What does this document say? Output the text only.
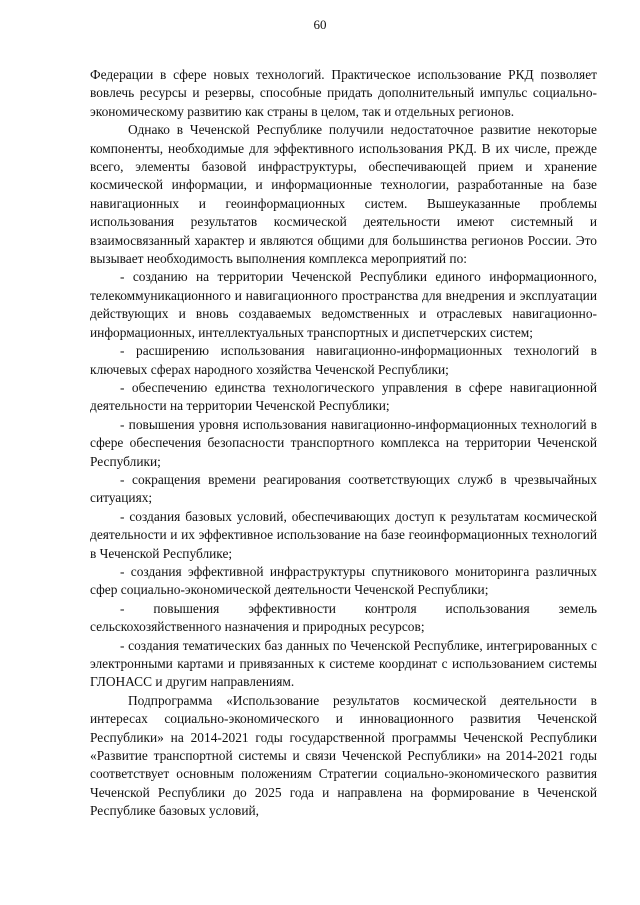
60

Федерации в сфере новых технологий. Практическое использование РКД позволяет вовлечь ресурсы и резервы, способные придать дополнительный импульс социально-экономическому развитию как страны в целом, так и отдельных регионов.

Однако в Чеченской Республике получили недостаточное развитие некоторые компоненты, необходимые для эффективного использования РКД. В их числе, прежде всего, элементы базовой инфраструктуры, обеспечивающей прием и хранение космической информации, и информационные технологии, разработанные на базе навигационных и геоинформационных систем. Вышеуказанные проблемы использования результатов космической деятельности имеют системный и взаимосвязанный характер и являются общими для большинства регионов России. Это вызывает необходимость выполнения комплекса мероприятий по:

- созданию на территории Чеченской Республики единого информационного, телекоммуникационного и навигационного пространства для внедрения и эксплуатации действующих и вновь создаваемых ведомственных и отраслевых навигационно-информационных, интеллектуальных транспортных и диспетчерских систем;
- расширению использования навигационно-информационных технологий в ключевых сферах народного хозяйства Чеченской Республики;
- обеспечению единства технологического управления в сфере навигационной деятельности на территории Чеченской Республики;
- повышения уровня использования навигационно-информационных технологий в сфере обеспечения безопасности транспортного комплекса на территории Чеченской Республики;
- сокращения времени реагирования соответствующих служб в чрезвычайных ситуациях;
- создания базовых условий, обеспечивающих доступ к результатам космической деятельности и их эффективное использование на базе геоинформационных технологий в Чеченской Республике;
- создания эффективной инфраструктуры спутникового мониторинга различных сфер социально-экономической деятельности Чеченской Республики;
- повышения эффективности контроля использования земель сельскохозяйственного назначения и природных ресурсов;
- создания тематических баз данных по Чеченской Республике, интегрированных с электронными картами и привязанных к системе координат с использованием системы ГЛОНАСС и другим направлениям.

Подпрограмма «Использование результатов космической деятельности в интересах социально-экономического и инновационного развития Чеченской Республики» на 2014-2021 годы государственной программы Чеченской Республики «Развитие транспортной системы и связи Чеченской Республики» на 2014-2021 годы соответствует основным положениям Стратегии социально-экономического развития Чеченской Республики до 2025 года и направлена на формирование в Чеченской Республике базовых условий,
